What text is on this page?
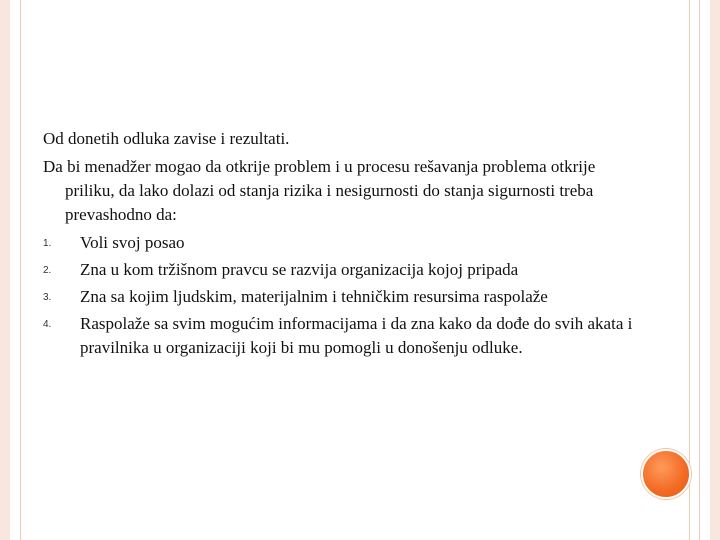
Od donetih odluka zavise i rezultati.

Da bi menadžer mogao da otkrije problem i u procesu rešavanja problema otkrije priliku, da lako dolazi od stanja rizika i nesigurnosti do stanja sigurnosti treba prevashodno da:

1. Voli svoj posao
2. Zna u kom tržišnom pravcu se razvija organizacija kojoj pripada
3. Zna sa kojim ljudskim, materijalnim i tehničkim resursima raspolaže
4. Raspolaže sa svim mogućim informacijama i da zna kako da dođe do svih akata i pravilnika u organizaciji koji bi mu pomogli u donošenju odluke.
